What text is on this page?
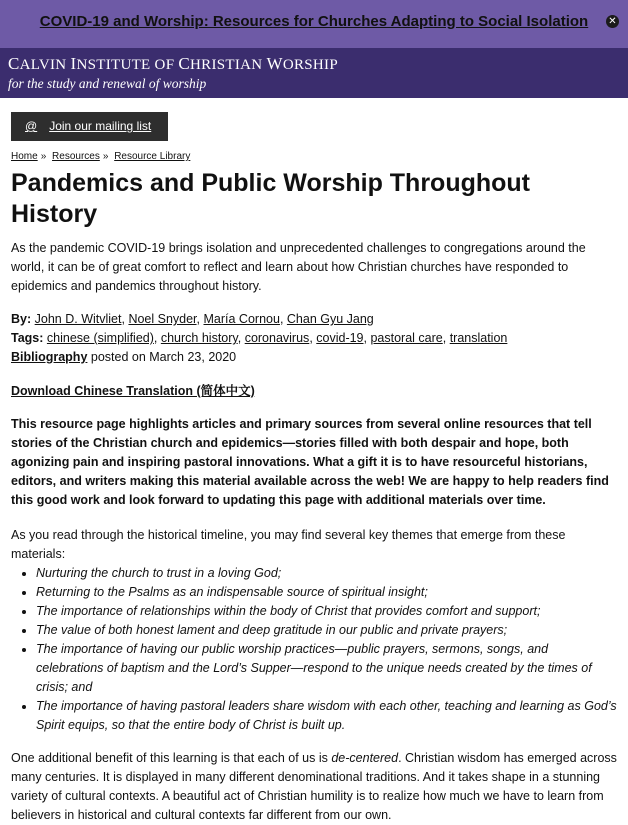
COVID-19 and Worship: Resources for Churches Adapting to Social Isolation	✕
CALVIN INSTITUTE OF CHRISTIAN WORSHIP
for the study and renewal of worship
@ Join our mailing list
Home » Resources » Resource Library
Pandemics and Public Worship Throughout History

As the pandemic COVID-19 brings isolation and unprecedented challenges to congregations around the world, it can be of great comfort to reflect and learn about how Christian churches have responded to epidemics and pandemics throughout history.

By: John D. Witvliet, Noel Snyder, María Cornou, Chan Gyu Jang
Tags: chinese (simplified), church history, coronavirus, covid-19, pastoral care, translation
Bibliography posted on March 23, 2020
Download Chinese Translation (简体中文)

This resource page highlights articles and primary sources from several online resources that tell stories of the Christian church and epidemics—stories filled with both despair and hope, both agonizing pain and inspiring pastoral innovations. What a gift it is to have resourceful historians, editors, and writers making this material available across the web! We are happy to help readers find this good work and look forward to updating this page with additional materials over time.

As you read through the historical timeline, you may find several key themes that emerge from these materials:

• Nurturing the church to trust in a loving God;
• Returning to the Psalms as an indispensable source of spiritual insight;
• The importance of relationships within the body of Christ that provides comfort and support;
• The value of both honest lament and deep gratitude in our public and private prayers;
• The importance of having our public worship practices—public prayers, sermons, songs, and celebrations of baptism and the Lord’s Supper—respond to the unique needs created by the times of crisis; and
• The importance of having pastoral leaders share wisdom with each other, teaching and learning as God’s Spirit equips, so that the entire body of Christ is built up.

One additional benefit of this learning is that each of us is de-centered. Christian wisdom has emerged across many centuries. It is displayed in many different denominational traditions. And it takes shape in a stunning variety of cultural contexts. A beautiful act of Christian humility is to realize how much we have to learn from believers in historical and cultural contexts far different from our own.
